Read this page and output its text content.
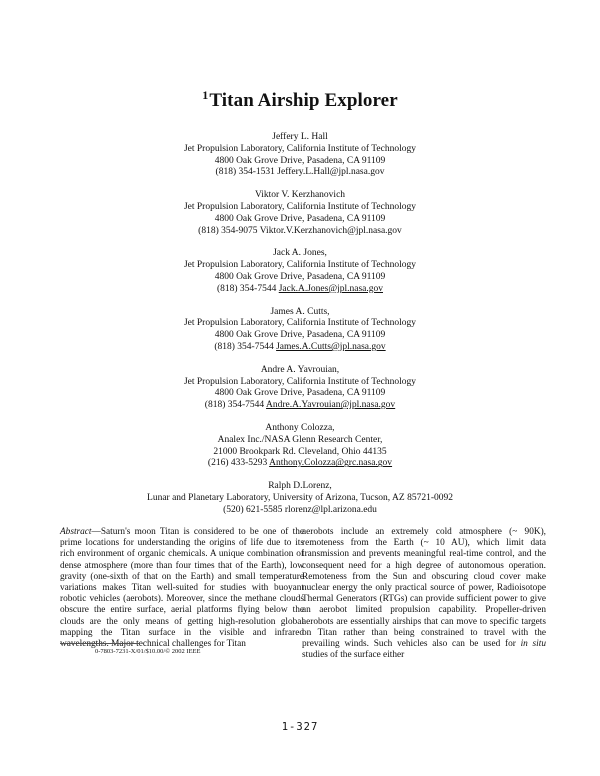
$^1$Titan Airship Explorer
Jeffery L. Hall
Jet Propulsion Laboratory, California Institute of Technology
4800 Oak Grove Drive, Pasadena, CA 91109
(818) 354-1531 Jeffery.L.Hall@jpl.nasa.gov
Viktor V. Kerzhanovich
Jet Propulsion Laboratory, California Institute of Technology
4800 Oak Grove Drive, Pasadena, CA 91109
(818) 354-9075 Viktor.V.Kerzhanovich@jpl.nasa.gov
Jack A. Jones,
Jet Propulsion Laboratory, California Institute of Technology
4800 Oak Grove Drive, Pasadena, CA 91109
(818) 354-7544 Jack.A.Jones@jpl.nasa.gov
James A. Cutts,
Jet Propulsion Laboratory, California Institute of Technology
4800 Oak Grove Drive, Pasadena, CA 91109
(818) 354-7544 James.A.Cutts@jpl.nasa.gov
Andre A. Yavrouian,
Jet Propulsion Laboratory, California Institute of Technology
4800 Oak Grove Drive, Pasadena, CA 91109
(818) 354-7544 Andre.A.Yavrouian@jpl.nasa.gov
Anthony Colozza,
Analex Inc./NASA Glenn Research Center,
21000 Brookpark Rd. Cleveland, Ohio 44135
(216) 433-5293 Anthony.Colozza@grc.nasa.gov
Ralph D.Lorenz,
Lunar and Planetary Laboratory, University of Arizona, Tucson, AZ 85721-0092
(520) 621-5585 rlorenz@lpl.arizona.edu

Abstract—Saturn's moon Titan is considered to be one of the prime locations for understanding the origins of life due to its rich environment of organic chemicals. A unique combination of dense atmosphere (more than four times that of the Earth), low gravity (one-sixth of that on the Earth) and small temperature variations makes Titan well-suited for studies with buoyant robotic vehicles (aerobots). Moreover, since the methane clouds obscure the entire surface, aerial platforms flying below the clouds are the only means of getting high-resolution global mapping the Titan surface in the visible and infrared wavelengths. Major technical challenges for Titan

aerobots include an extremely cold atmosphere (~ 90K), remoteness from the Earth (~ 10 AU), which limit data transmission and prevents meaningful real-time control, and the consequent need for a high degree of autonomous operation. Remoteness from the Sun and obscuring cloud cover make nuclear energy the only practical source of power, Radioisotope Thermal Generators (RTGs) can provide sufficient power to give an aerobot limited propulsion capability. Propeller-driven aerobots are essentially airships that can move to specific targets on Titan rather than being constrained to travel with the prevailing winds. Such vehicles also can be used for in situ studies of the surface either

0-7803-7231-X/01/$10.00/© 2002 IEEE
1-327
